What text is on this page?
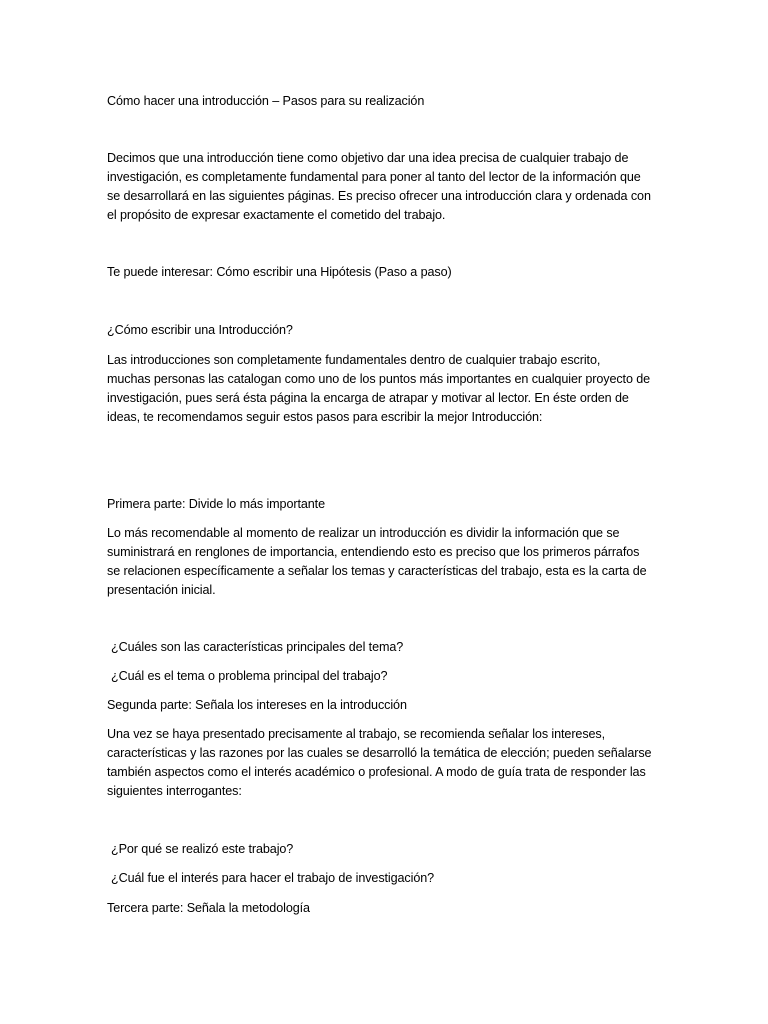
Cómo hacer una introducción – Pasos para su realización
Decimos que una introducción tiene como objetivo dar una idea precisa de cualquier trabajo de
investigación, es completamente fundamental para poner al tanto del lector de la información que
se desarrollará en las siguientes páginas. Es preciso ofrecer una introducción clara y ordenada con
el propósito de expresar exactamente el cometido del trabajo.
Te puede interesar: Cómo escribir una Hipótesis (Paso a paso)
¿Cómo escribir una Introducción?
Las introducciones son completamente fundamentales dentro de cualquier trabajo escrito,
muchas personas las catalogan como uno de los puntos más importantes en cualquier proyecto de
investigación, pues será ésta página la encarga de atrapar y motivar al lector. En éste orden de
ideas, te recomendamos seguir estos pasos para escribir la mejor Introducción:
Primera parte: Divide lo más importante
Lo más recomendable al momento de realizar un introducción es dividir la información que se
suministrará en renglones de importancia, entendiendo esto es preciso que los primeros párrafos
se relacionen específicamente a señalar los temas y características del trabajo, esta es la carta de
presentación inicial.
¿Cuáles son las características principales del tema?
¿Cuál es el tema o problema principal del trabajo?
Segunda parte: Señala los intereses en la introducción
Una vez se haya presentado precisamente al trabajo, se recomienda señalar los intereses,
características y las razones por las cuales se desarrolló la temática de elección; pueden señalarse
también aspectos como el interés académico o profesional. A modo de guía trata de responder las
siguientes interrogantes:
¿Por qué se realizó este trabajo?
¿Cuál fue el interés para hacer el trabajo de investigación?
Tercera parte: Señala la metodología
